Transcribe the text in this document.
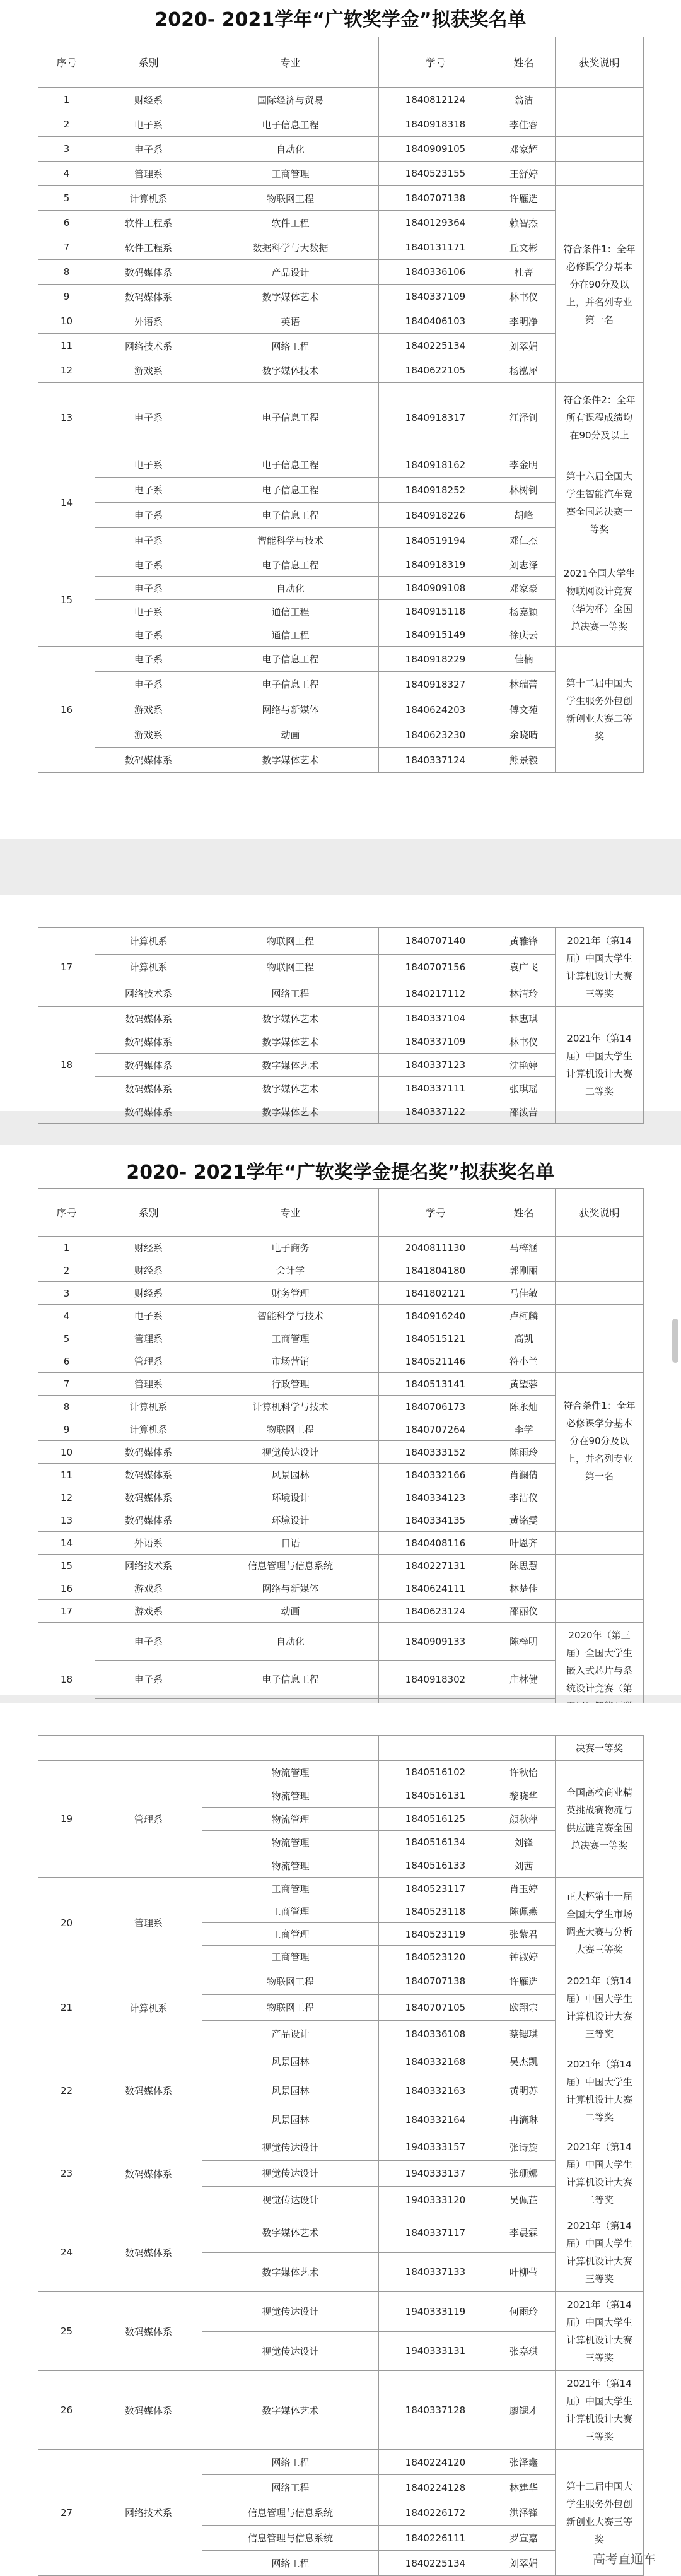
2020- 2021学年“广软奖学金”拟获奖名单
序号	系别	专业	学号	姓名	获奖说明	
1	财经系	国际经济与贸易	1840812124	翁洁		
2	电子系	电子信息工程	1840918318	李佳睿		
3	电子系	自动化	1840909105	邓家辉		
4	管理系	工商管理	1840523155	王舒婷		
5	计算机系	物联网工程	1840707138	许雁选	符合条件1：全年必修课学分基本分在90分及以上，并名列专业第一名	
6	软件工程系	软件工程	1840129364	赖智杰		
7	软件工程系	数据科学与大数据	1840131171	丘文彬		
8	数码媒体系	产品设计	1840336106	杜菁		
9	数码媒体系	数字媒体艺术	1840337109	林书仪		
10	外语系	英语	1840406103	李明净		
11	网络技术系	网络工程	1840225134	刘翠娟		
12	游戏系	数字媒体技术	1840622105	杨泓犀		
13	电子系	电子信息工程	1840918317	江泽钊	符合条件2：全年所有课程成绩均在90分及以上	
14	电子系	电子信息工程	1840918162	李金明	第十六届全国大学生智能汽车竞赛全国总决赛一等奖	
	电子系	电子信息工程	1840918252	林树钊		
	电子系	电子信息工程	1840918226	胡峰		
	电子系	智能科学与技术	1840519194	邓仁杰		
15	电子系	电子信息工程	1840918319	刘志泽	2021全国大学生物联网设计竞赛（华为杯）全国总决赛一等奖	
	电子系	自动化	1840909108	邓家豪		
	电子系	通信工程	1840915118	杨嘉颖		
	电子系	通信工程	1840915149	徐庆云		
16	电子系	电子信息工程	1840918229	佳楠	第十二届中国大学生服务外包创新创业大赛二等奖	
	电子系	电子信息工程	1840918327	林瑞蕾		
	游戏系	网络与新媒体	1840624203	傅文苑		
	游戏系	动画	1840623230	余晓晴		
	数码媒体系	数字媒体艺术	1840337124	熊景毅		
17	计算机系	物联网工程	1840707140	黄雅锋	2021年（第14届）中国大学生计算机设计大赛三等奖
	计算机系	物联网工程	1840707156	袁广飞	
	网络技术系	网络工程	1840217112	林清玲	
18	数码媒体系	数字媒体艺术	1840337104	林惠琪	2021年（第14届）中国大学生计算机设计大赛二等奖
	数码媒体系	数字媒体艺术	1840337109	林书仪	
	数码媒体系	数字媒体艺术	1840337123	沈艳婷	
	数码媒体系	数字媒体艺术	1840337111	张琪瑶	
	数码媒体系	数字媒体艺术	1840337122	邵泼苦	
2020- 2021学年“广软奖学金提名奖”拟获奖名单
序号	系别	专业	学号	姓名	获奖说明
1	财经系	电子商务	2040811130	马梓涵	
2	财经系	会计学	1841804180	郭刚丽	
3	财经系	财务管理	1841802121	马佳敏	
4	电子系	智能科学与技术	1840916240	卢柯麟	
5	管理系	工商管理	1840515121	高凯	
6	管理系	市场营销	1840521146	符小兰	
7	管理系	行政管理	1840513141	黄望蓉	符合条件1：全年必修课学分基本分在90分及以上，并名列专业第一名
8	计算机系	计算机科学与技术	1840706173	陈永灿	
9	计算机系	物联网工程	1840707264	李学	
10	数码媒体系	视觉传达设计	1840333152	陈雨玲	
11	数码媒体系	风景园林	1840332166	肖澜倩	
12	数码媒体系	环境设计	1840334123	李洁仪	
13	数码媒体系	环境设计	1840334135	黄铭雯	
14	外语系	日语	1840408116	叶恩齐	
15	网络技术系	信息管理与信息系统	1840227131	陈思慧	
16	游戏系	网络与新媒体	1840624111	林楚佳	
17	游戏系	动画	1840623124	邵丽仪	
18	电子系	自动化	1840909133	陈梓明	2020年（第三届）全国大学生嵌入式芯片与系统设计竞赛（第
	电子系	电子信息工程	1840918302	庄林健	

					决赛一等奖
19	管理系	物流管理	1840516102	许秋怡	全国高校商业精英挑战赛物流与供应链竞赛全国总决赛一等奖
		物流管理	1840516131	黎晓华	
		物流管理	1840516125	颜秋萍	
		物流管理	1840516134	刘锋	
		物流管理	1840516133	刘茜	
20	管理系	工商管理	1840523117	肖玉婷	正大杯第十一届全国大学生市场调查大赛与分析大赛三等奖
		工商管理	1840523118	陈佩燕	
		工商管理	1840523119	张紫君	
		工商管理	1840523120	钟淑婷	
21	计算机系	物联网工程	1840707138	许雁选	2021年（第14届）中国大学生计算机设计大赛三等奖
		物联网工程	1840707105	欧翔宗	
		产品设计	1840336108	蔡锶琪	
22	数码媒体系	风景园林	1840332168	吴杰凯	2021年（第14届）中国大学生计算机设计大赛二等奖
		风景园林	1840332163	黄明苏	
		风景园林	1840332164	冉滴琳	
23	数码媒体系	视觉传达设计	1940333157	张诗旋	2021年（第14届）中国大学生计算机设计大赛二等奖
		视觉传达设计	1940333137	张珊娜	
		视觉传达设计	1940333120	吴佩芷	
24	数码媒体系	数字媒体艺术	1840337117	李晨霖	2021年（第14届）中国大学生计算机设计大赛三等奖
		数字媒体艺术	1840337133	叶柳莹	
25	数码媒体系	视觉传达设计	1940333119	何雨玲	2021年（第14届）中国大学生计算机设计大赛三等奖
		视觉传达设计	1940333131	张嘉琪	
26	数码媒体系	数字媒体艺术	1840337128	廖锶才	2021年（第14届）中国大学生计算机设计大赛三等奖
27	网络技术系	网络工程	1840224120	张泽鑫	第十二届中国大学生服务外包创新创业大赛三等奖
		网络工程	1840224128	林建华	
		信息管理与信息系统	1840226172	洪泽锋	
		信息管理与信息系统	1840226111	罗宣嘉	
		网络工程	1840225134	刘翠娟		高考直通车
